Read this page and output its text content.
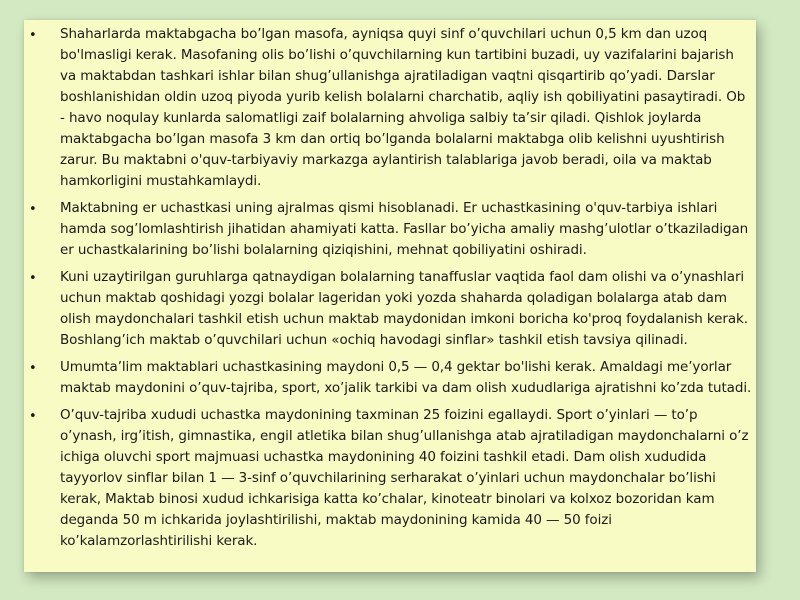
• Shaharlarda maktabgacha bo’lgan masofa, ayniqsa quyi sinf o’quvchilari uchun 0,5 km dan uzoq bo'lmasligi kerak. Masofaning olis bo’lishi o’quvchilarning kun tartibini buzadi, uy vazifalarini bajarish va maktabdan tashkari ishlar bilan shug’ullanishga ajratiladigan vaqtni qisqartirib qo’yadi. Darslar boshlanishidan oldin uzoq piyoda yurib kelish bolalarni charchatib, aqliy ish qobiliyatini pasaytiradi. Ob - havo noqulay kunlarda salomatligi zaif bolalarning ahvoliga salbiy ta’sir qiladi. Qishlok joylarda maktabgacha bo’lgan masofa 3 km dan ortiq bo’lganda bolalarni maktabga olib kelishni uyushtirish zarur. Bu maktabni o'quv-tarbiyaviy markazga aylantirish talablariga javob beradi, oila va maktab hamkorligini mustahkamlaydi.
• Maktabning er uchastkasi uning ajralmas qismi hisoblanadi. Er uchastkasining o'quv-tarbiya ishlari hamda sog’lomlashtirish jihatidan ahamiyati katta. Fasllar bo’yicha amaliy mashg’ulotlar o’tkaziladigan er uchastkalarining bo’lishi bolalarning qiziqishini, mehnat qobiliyatini oshiradi.
• Kuni uzaytirilgan guruhlarga qatnaydigan bolalarning tanaffuslar vaqtida faol dam olishi va o’ynashlari uchun maktab qoshidagi yozgi bolalar lageridan yoki yozda shaharda qoladigan bolalarga atab dam olish maydonchalari tashkil etish uchun maktab maydonidan imkoni boricha ko'proq foydalanish kerak. Boshlang’ich maktab o’quvchilari uchun «ochiq havodagi sinflar» tashkil etish tavsiya qilinadi.
• Umumta’lim maktablari uchastkasining maydoni 0,5 — 0,4 gektar bo'lishi kerak. Amaldagi me’yorlar maktab maydonini o’quv-tajriba, sport, xo’jalik tarkibi va dam olish xududlariga ajratishni ko’zda tutadi.
• O’quv-tajriba xududi uchastka maydonining taxminan 25 foizini egallaydi. Sport o’yinlari — to’p o’ynash, irg’itish, gimnastika, engil atletika bilan shug’ullanishga atab ajratiladigan maydonchalarni o’z ichiga oluvchi sport majmuasi uchastka maydonining 40 foizini tashkil etadi. Dam olish xududida tayyorlov sinflar bilan 1 — 3-sinf o’quvchilarining serharakat o’yinlari uchun maydonchalar bo’lishi kerak, Maktab binosi xudud ichkarisiga katta ko’chalar, kinoteatr binolari va kolxoz bozoridan kam deganda 50 m ichkarida joylashtirilishi, maktab maydonining kamida 40 — 50 foizi ko’kalamzorlashtirilishi kerak.
